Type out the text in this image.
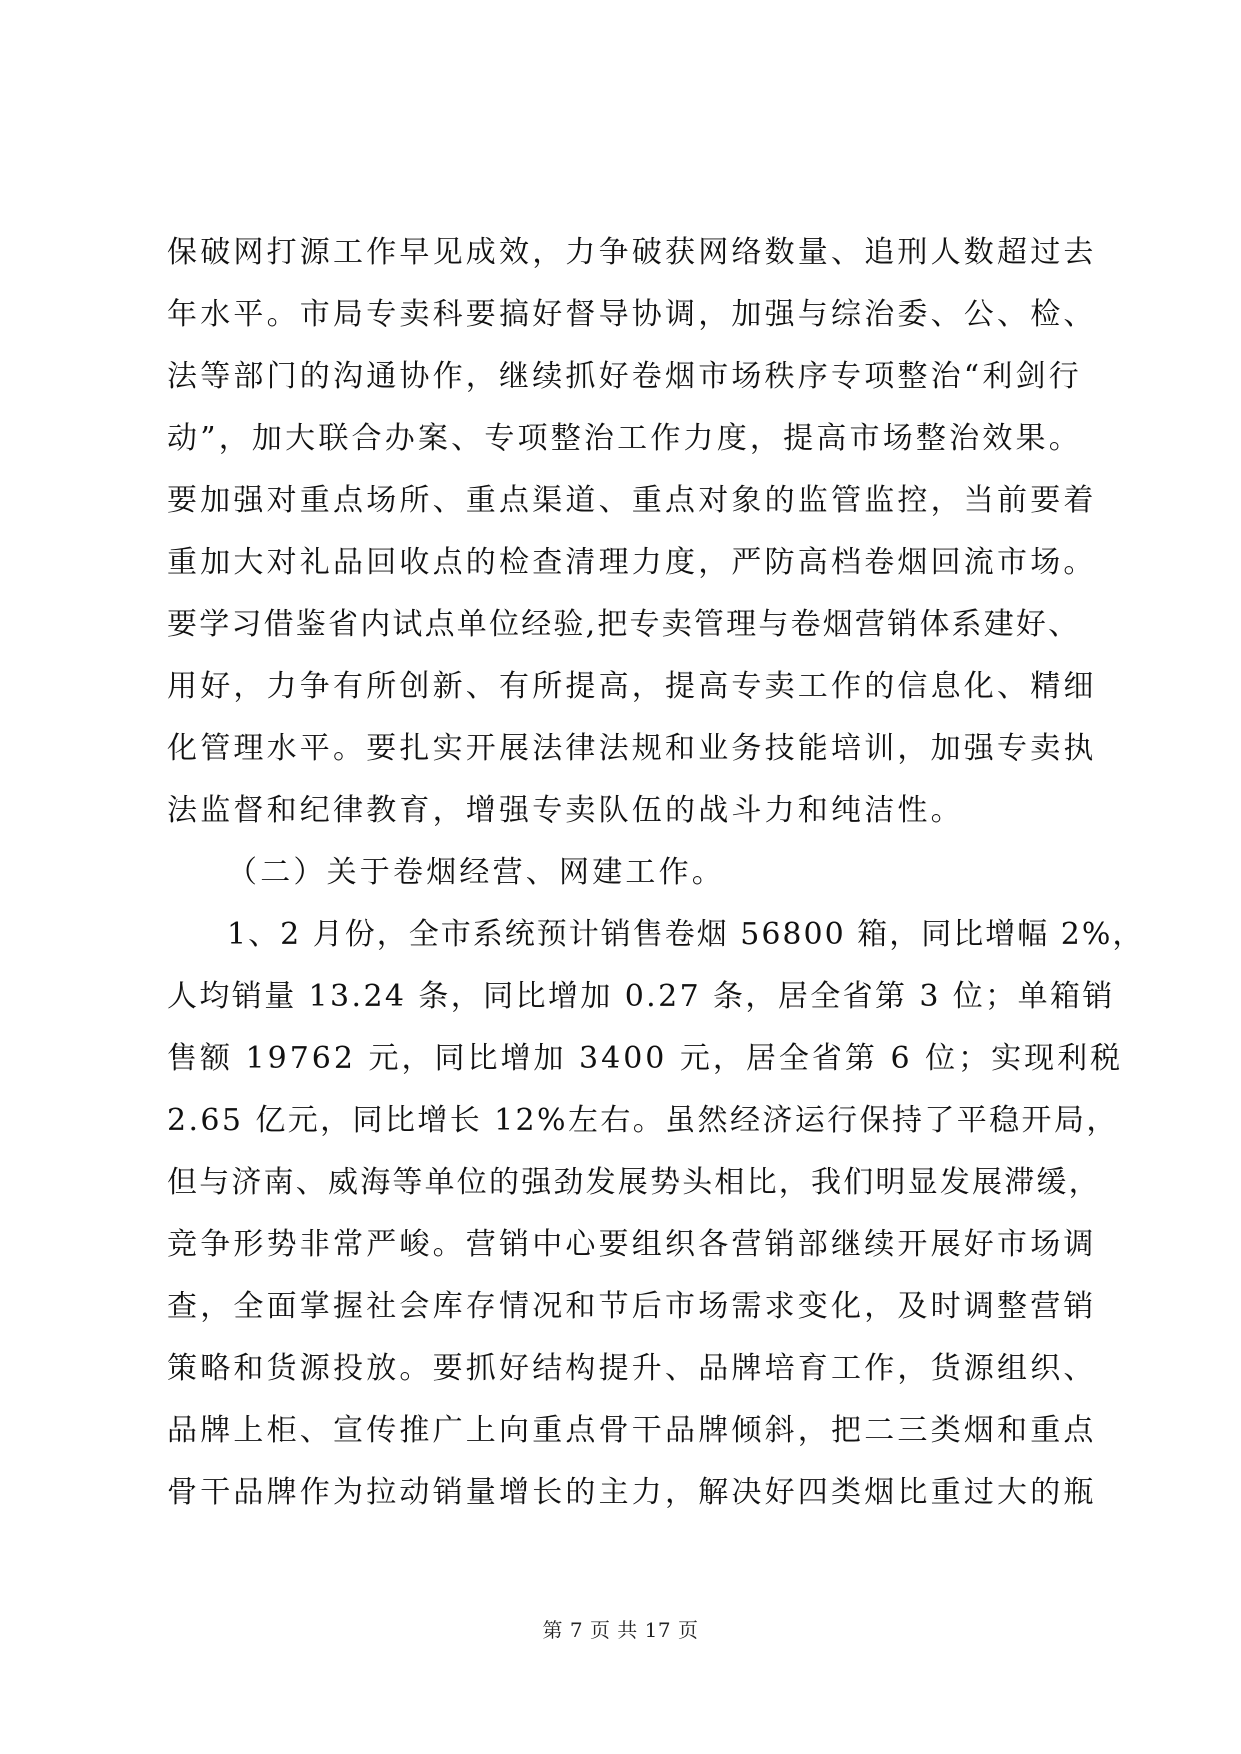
保破网打源工作早见成效，力争破获网络数量、追刑人数超过去
年水平。市局专卖科要搞好督导协调，加强与综治委、公、检、
法等部门的沟通协作，继续抓好卷烟市场秩序专项整治“利剑行
动”，加大联合办案、专项整治工作力度，提高市场整治效果。
要加强对重点场所、重点渠道、重点对象的监管监控，当前要着
重加大对礼品回收点的检查清理力度，严防高档卷烟回流市场。
要学习借鉴省内试点单位经验,把专卖管理与卷烟营销体系建好、
用好，力争有所创新、有所提高，提高专卖工作的信息化、精细
化管理水平。要扎实开展法律法规和业务技能培训，加强专卖执
法监督和纪律教育，增强专卖队伍的战斗力和纯洁性。
（二）关于卷烟经营、网建工作。
1、2 月份，全市系统预计销售卷烟 56800 箱，同比增幅 2%，
人均销量 13.24 条，同比增加 0.27 条，居全省第 3 位；单箱销
售额 19762 元，同比增加 3400 元，居全省第 6 位；实现利税
2.65 亿元，同比增长 12%左右。虽然经济运行保持了平稳开局，
但与济南、威海等单位的强劲发展势头相比，我们明显发展滞缓，
竞争形势非常严峻。营销中心要组织各营销部继续开展好市场调
查，全面掌握社会库存情况和节后市场需求变化，及时调整营销
策略和货源投放。要抓好结构提升、品牌培育工作，货源组织、
品牌上柜、宣传推广上向重点骨干品牌倾斜，把二三类烟和重点
骨干品牌作为拉动销量增长的主力，解决好四类烟比重过大的瓶
第 7 页 共 17 页
